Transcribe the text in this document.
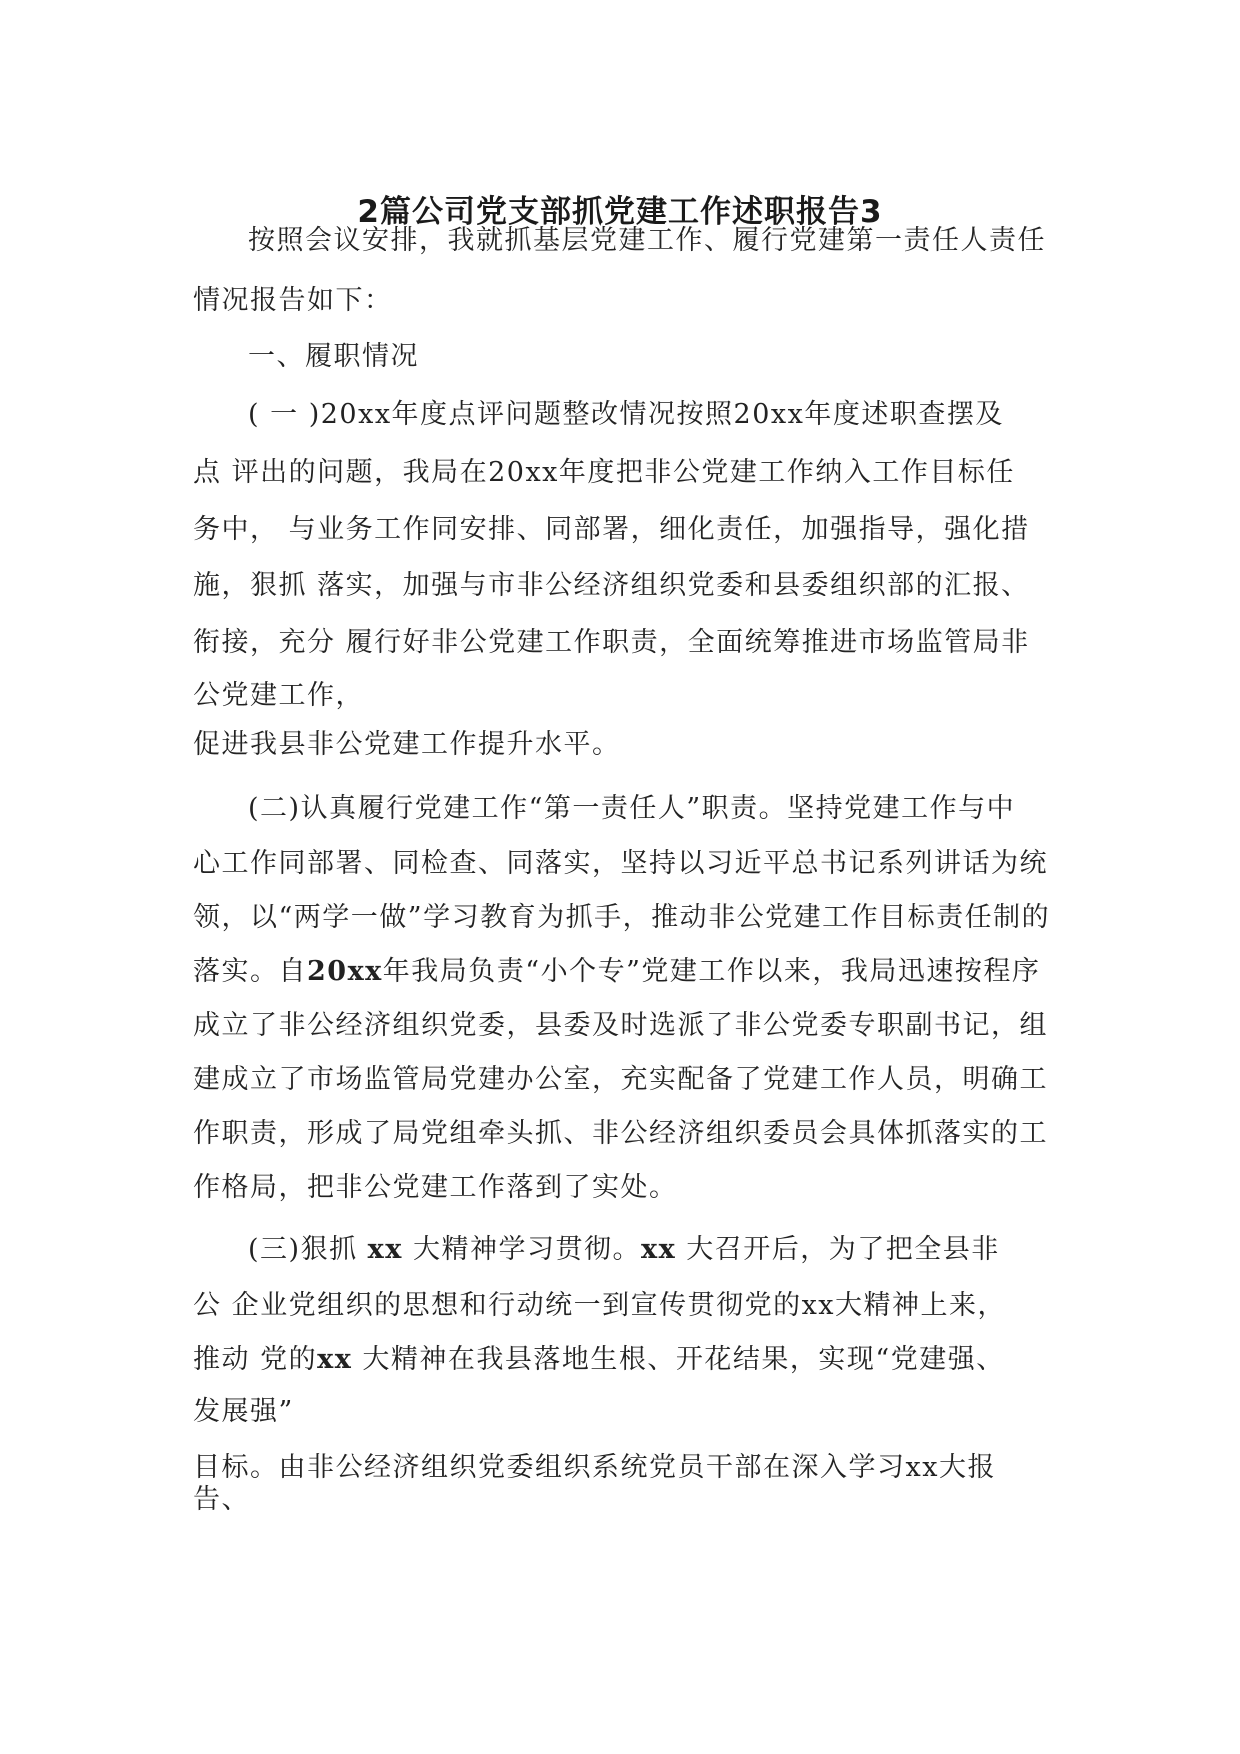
2篇公司党支部抓党建工作述职报告3
按照会议安排，我就抓基层党建工作、履行党建第一责任人责任
情况报告如下：
一、履职情况
( 一 )20xx年度点评问题整改情况按照20xx年度述职查摆及
点 评出的问题，我局在20xx年度把非公党建工作纳入工作目标任
务中， 与业务工作同安排、同部署，细化责任，加强指导，强化措
施，狠抓 落实，加强与市非公经济组织党委和县委组织部的汇报、
衔接，充分 履行好非公党建工作职责，全面统筹推进市场监管局非
公党建工作，
促进我县非公党建工作提升水平。
(二)认真履行党建工作“第一责任人”职责。坚持党建工作与中
心工作同部署、同检查、同落实，坚持以习近平总书记系列讲话为统
领，以“两学一做”学习教育为抓手，推动非公党建工作目标责任制的
落实。自20xx年我局负责“小个专”党建工作以来，我局迅速按程序
成立了非公经济组织党委，县委及时选派了非公党委专职副书记，组
建成立了市场监管局党建办公室，充实配备了党建工作人员，明确工
作职责，形成了局党组牵头抓、非公经济组织委员会具体抓落实的工
作格局，把非公党建工作落到了实处。
(三)狠抓 xx 大精神学习贯彻。xx 大召开后，为了把全县非
公 企业党组织的思想和行动统一到宣传贯彻党的xx大精神上来，
推动 党的xx 大精神在我县落地生根、开花结果，实现“党建强、
发展强”
目标。由非公经济组织党委组织系统党员干部在深入学习xx大报
告、
